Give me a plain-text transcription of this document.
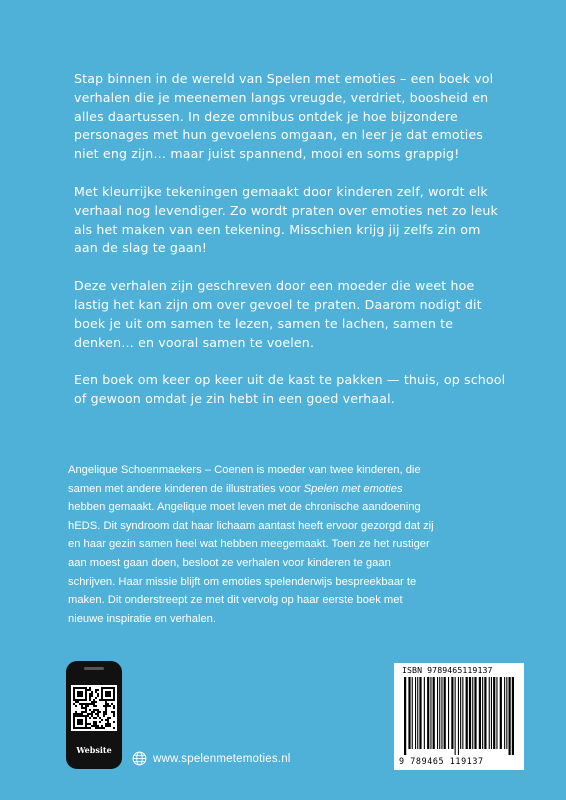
Stap binnen in de wereld van Spelen met emoties – een boek vol verhalen die je meenemen langs vreugde, verdriet, boosheid en alles daartussen. In deze omnibus ontdek je hoe bijzondere personages met hun gevoelens omgaan, en leer je dat emoties niet eng zijn… maar juist spannend, mooi en soms grappig!

Met kleurrijke tekeningen gemaakt door kinderen zelf, wordt elk verhaal nog levendiger. Zo wordt praten over emoties net zo leuk als het maken van een tekening. Misschien krijg jij zelfs zin om aan de slag te gaan!

Deze verhalen zijn geschreven door een moeder die weet hoe lastig het kan zijn om over gevoel te praten. Daarom nodigt dit boek je uit om samen te lezen, samen te lachen, samen te denken… en vooral samen te voelen.

Een boek om keer op keer uit de kast te pakken — thuis, op school of gewoon omdat je zin hebt in een goed verhaal.

Angelique Schoenmaekers – Coenen is moeder van twee kinderen, die samen met andere kinderen de illustraties voor Spelen met emoties hebben gemaakt. Angelique moet leven met de chronische aandoening hEDS. Dit syndroom dat haar lichaam aantast heeft ervoor gezorgd dat zij en haar gezin samen heel wat hebben meegemaakt. Toen ze het rustiger aan moest gaan doen, besloot ze verhalen voor kinderen te gaan schrijven. Haar missie blijft om emoties spelenderwijs bespreekbaar te maken. Dit onderstreept ze met dit vervolg op haar eerste boek met nieuwe inspiratie en verhalen.

Website
www.spelenmetemoties.nl
ISBN 9789465119137
9 789465 119137
